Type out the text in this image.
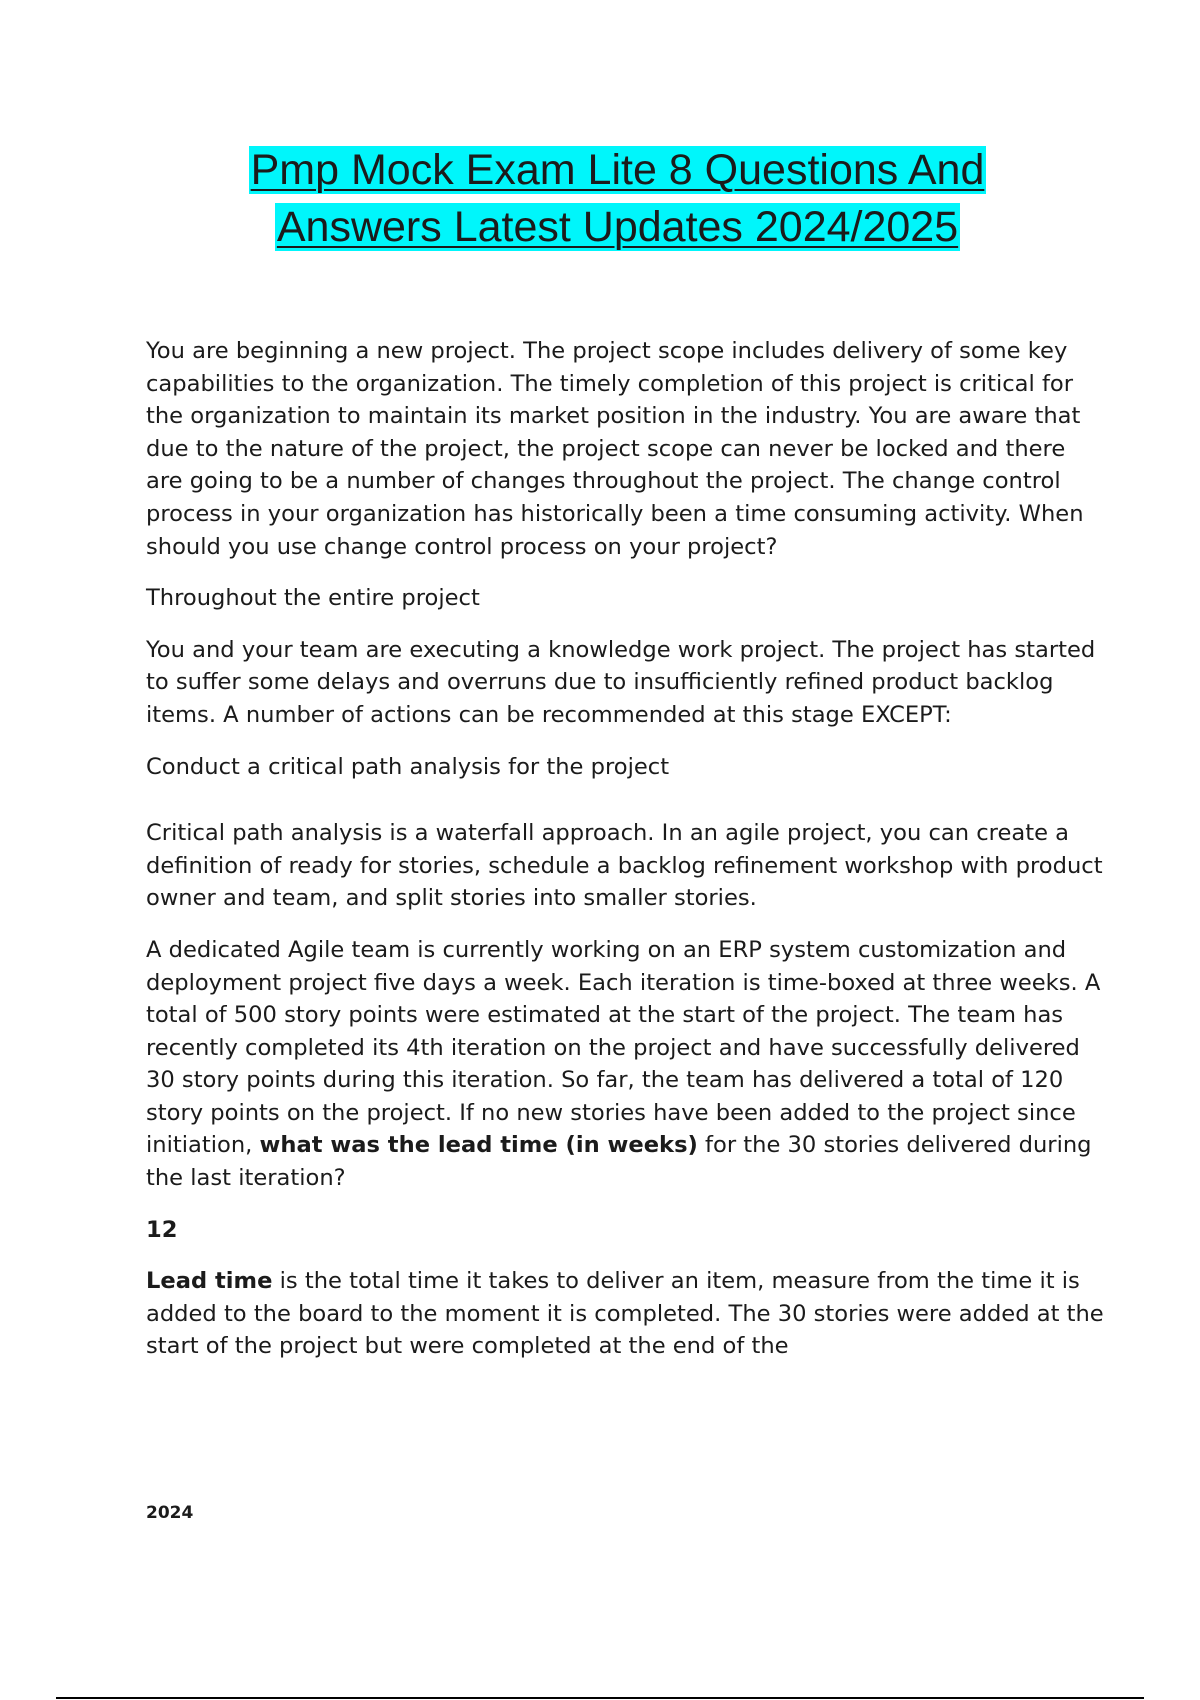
Pmp Mock Exam Lite 8 Questions And
Answers Latest Updates 2024/2025

You are beginning a new project. The project scope includes delivery of some key capabilities to the organization. The timely completion of this project is critical for the organization to maintain its market position in the industry. You are aware that due to the nature of the project, the project scope can never be locked and there are going to be a number of changes throughout the project. The change control process in your organization has historically been a time consuming activity. When should you use change control process on your project?

Throughout the entire project

You and your team are executing a knowledge work project. The project has started to suffer some delays and overruns due to insufficiently refined product backlog items. A number of actions can be recommended at this stage EXCEPT:

Conduct a critical path analysis for the project

Critical path analysis is a waterfall approach. In an agile project, you can create a definition of ready for stories, schedule a backlog refinement workshop with product owner and team, and split stories into smaller stories.

A dedicated Agile team is currently working on an ERP system customization and deployment project five days a week. Each iteration is time-boxed at three weeks. A total of 500 story points were estimated at the start of the project. The team has recently completed its 4th iteration on the project and have successfully delivered 30 story points during this iteration. So far, the team has delivered a total of 120 story points on the project. If no new stories have been added to the project since initiation, what was the lead time (in weeks) for the 30 stories delivered during the last iteration?

12

Lead time is the total time it takes to deliver an item, measure from the time it is added to the board to the moment it is completed. The 30 stories were added at the start of the project but were completed at the end of the

2024
